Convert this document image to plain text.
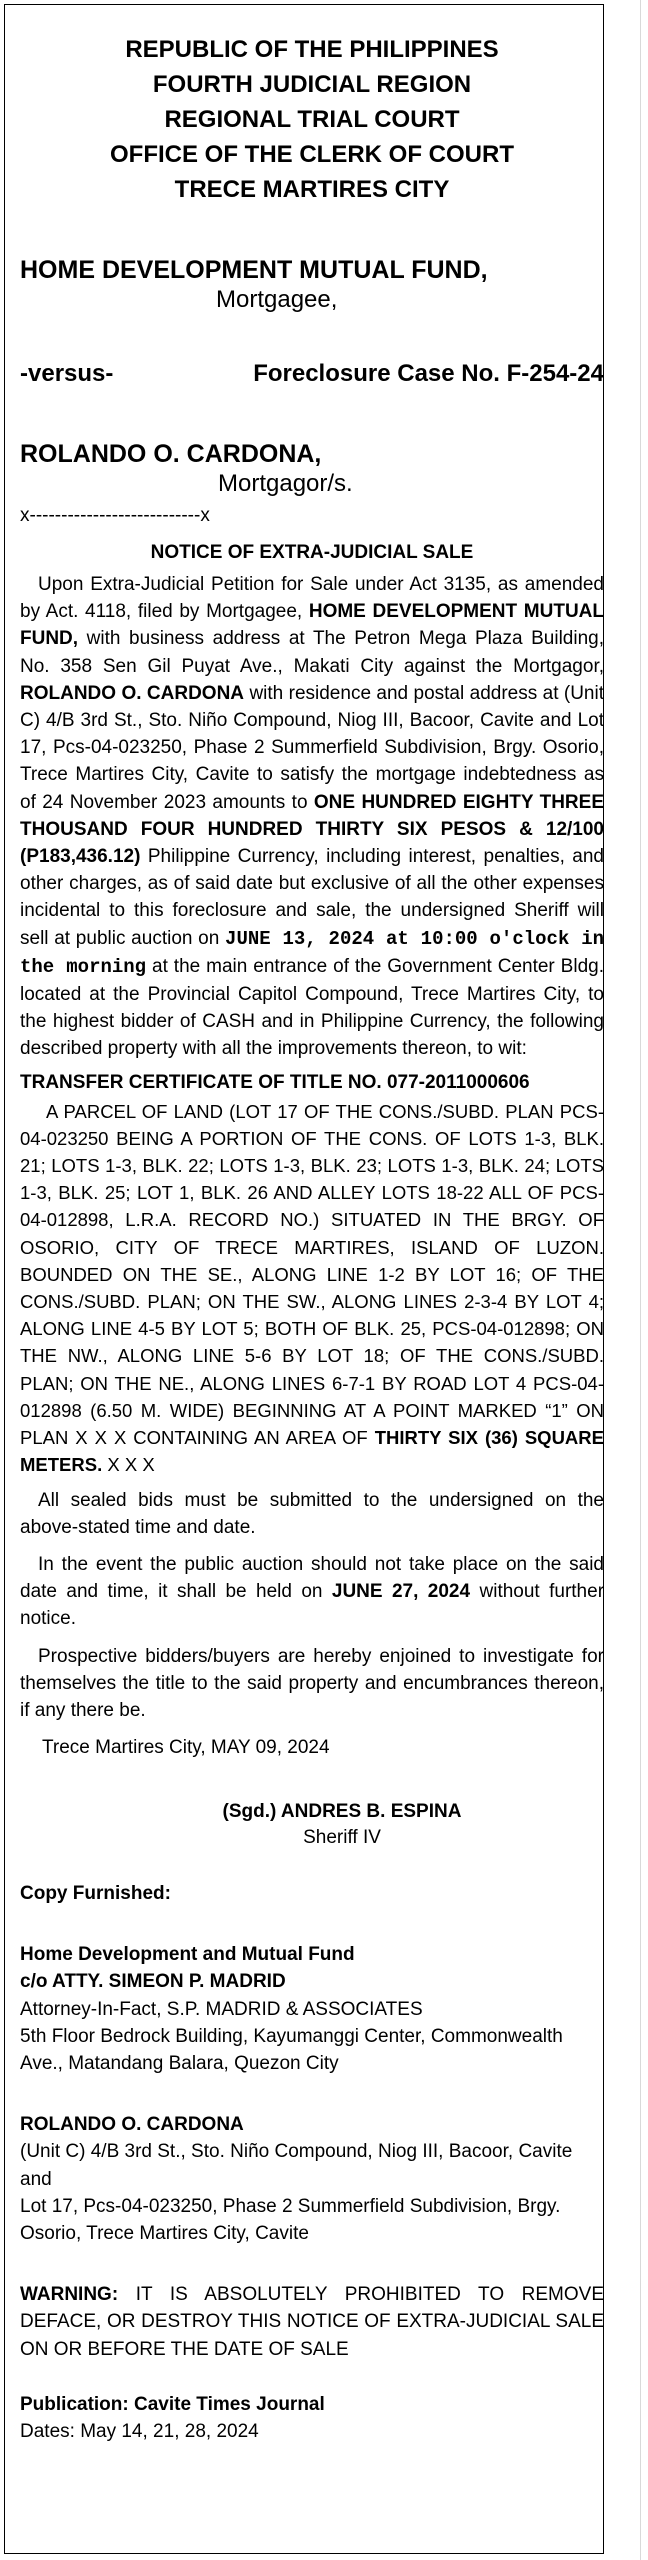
REPUBLIC OF THE PHILIPPINES
FOURTH JUDICIAL REGION
REGIONAL TRIAL COURT
OFFICE OF THE CLERK OF COURT
TRECE MARTIRES CITY
HOME DEVELOPMENT MUTUAL FUND,
Mortgagee,
-versus-	Foreclosure Case No. F-254-24
ROLANDO O. CARDONA,
Mortgagor/s.
x---------------------------x
NOTICE OF EXTRA-JUDICIAL SALE

Upon Extra-Judicial Petition for Sale under Act 3135, as amended by Act. 4118, filed by Mortgagee, HOME DEVELOPMENT MUTUAL FUND, with business address at The Petron Mega Plaza Building, No. 358 Sen Gil Puyat Ave., Makati City against the Mortgagor, ROLANDO O. CARDONA with residence and postal address at (Unit C) 4/B 3rd St., Sto. Niño Compound, Niog III, Bacoor, Cavite and Lot 17, Pcs-04-023250, Phase 2 Summerfield Subdivision, Brgy. Osorio, Trece Martires City, Cavite to satisfy the mortgage indebtedness as of 24 November 2023 amounts to ONE HUNDRED EIGHTY THREE THOUSAND FOUR HUNDRED THIRTY SIX PESOS & 12/100 (P183,436.12) Philippine Currency, including interest, penalties, and other charges, as of said date but exclusive of all the other expenses incidental to this foreclosure and sale, the undersigned Sheriff will sell at public auction on JUNE 13, 2024 at 10:00 o'clock in the morning at the main entrance of the Government Center Bldg. located at the Provincial Capitol Compound, Trece Martires City, to the highest bidder of CASH and in Philippine Currency, the following described property with all the improvements thereon, to wit:

TRANSFER CERTIFICATE OF TITLE NO. 077-2011000606
A PARCEL OF LAND (LOT 17 OF THE CONS./SUBD. PLAN PCS-04-023250 BEING A PORTION OF THE CONS. OF LOTS 1-3, BLK. 21; LOTS 1-3, BLK. 22; LOTS 1-3, BLK. 23; LOTS 1-3, BLK. 24; LOTS 1-3, BLK. 25; LOT 1, BLK. 26 AND ALLEY LOTS 18-22 ALL OF PCS-04-012898, L.R.A. RECORD NO.) SITUATED IN THE BRGY. OF OSORIO, CITY OF TRECE MARTIRES, ISLAND OF LUZON. BOUNDED ON THE SE., ALONG LINE 1-2 BY LOT 16; OF THE CONS./SUBD. PLAN; ON THE SW., ALONG LINES 2-3-4 BY LOT 4; ALONG LINE 4-5 BY LOT 5; BOTH OF BLK. 25, PCS-04-012898; ON THE NW., ALONG LINE 5-6 BY LOT 18; OF THE CONS./SUBD. PLAN; ON THE NE., ALONG LINES 6-7-1 BY ROAD LOT 4 PCS-04-012898 (6.50 M. WIDE) BEGINNING AT A POINT MARKED “1” ON PLAN X X X CONTAINING AN AREA OF THIRTY SIX (36) SQUARE METERS. X X X

All sealed bids must be submitted to the undersigned on the above-stated time and date.

In the event the public auction should not take place on the said date and time, it shall be held on JUNE 27, 2024 without further notice.

Prospective bidders/buyers are hereby enjoined to investigate for themselves the title to the said property and encumbrances thereon, if any there be.

Trece Martires City, MAY 09, 2024
(Sgd.) ANDRES B. ESPINA
Sheriff IV
Copy Furnished:
Home Development and Mutual Fund
c/o ATTY. SIMEON P. MADRID
Attorney-In-Fact, S.P. MADRID & ASSOCIATES
5th Floor Bedrock Building, Kayumanggi Center, Commonwealth Ave., Matandang Balara, Quezon City
ROLANDO O. CARDONA
(Unit C) 4/B 3rd St., Sto. Niño Compound, Niog III, Bacoor, Cavite and
Lot 17, Pcs-04-023250, Phase 2 Summerfield Subdivision, Brgy. Osorio, Trece Martires City, Cavite
WARNING: IT IS ABSOLUTELY PROHIBITED TO REMOVE DEFACE, OR DESTROY THIS NOTICE OF EXTRA-JUDICIAL SALE ON OR BEFORE THE DATE OF SALE
Publication: Cavite Times Journal
Dates: May 14, 21, 28, 2024
